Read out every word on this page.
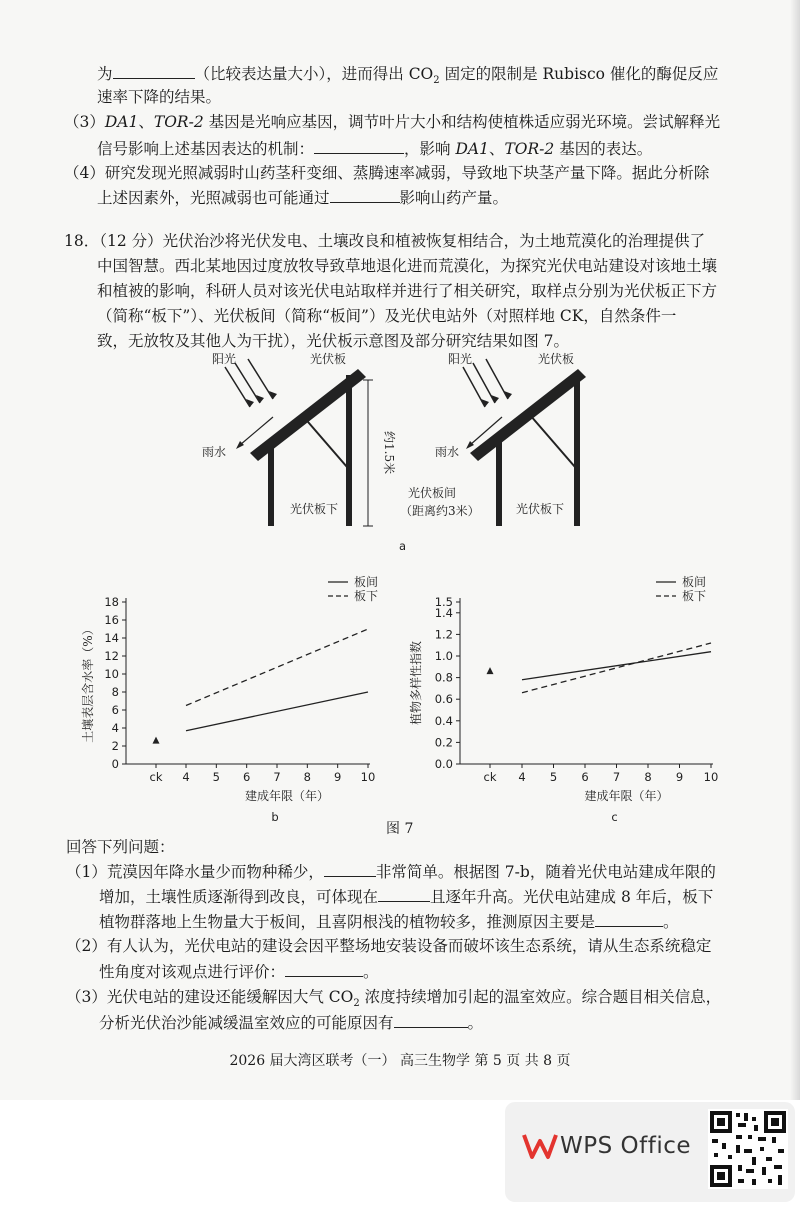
为	（比较表达量大小），进而得出 $CO_2$ 固定的限制是 Rubisco 催化的酶促反应
速率下降的结果。
（3）DA1、TOR-2 基因是光响应基因，调节叶片大小和结构使植株适应弱光环境。尝试解释光
信号影响上述基因表达的机制：	，影响 DA1、TOR-2 基因的表达。
（4）研究发现光照减弱时山药茎秆变细、蒸腾速率减弱，导致地下块茎产量下降。据此分析除
上述因素外，光照减弱也可能通过	影响山药产量。
18．（12 分）光伏治沙将光伏发电、土壤改良和植被恢复相结合，为土地荒漠化的治理提供了
中国智慧。西北某地因过度放牧导致草地退化进而荒漠化，为探究光伏电站建设对该地土壤
和植被的影响，科研人员对该光伏电站取样并进行了相关研究，取样点分别为光伏板正下方
（简称“板下”）、光伏板间（简称“板间”）及光伏电站外（对照样地 CK，自然条件一
致，无放牧及其他人为干扰），光伏板示意图及部分研究结果如图 7。
阳光	光伏板
雨水	约1.5米
光伏板下
阳光	光伏板
雨水
光伏板下
光伏板间
（距离约3米）
a
0
2
4
6
8
10
12
14
16
18
ck 4 5 6 7 8 9 10
板间
板下
建成年限（年）
土壤表层含水率（%）
b
0.0
0.2
0.4
0.6
0.8
1.0
1.2
1.4
1.5
ck 4 5 6 7 8 9 10
板间
板下
建成年限（年）
植物多样性指数
c
图 7
回答下列问题：
（1）荒漠因年降水量少而物种稀少，	非常简单。根据图 7-b，随着光伏电站建成年限的
增加，土壤性质逐渐得到改良，可体现在	且逐年升高。光伏电站建成 8 年后，板下
植物群落地上生物量大于板间，且喜阴根浅的植物较多，推测原因主要是	。
（2）有人认为，光伏电站的建设会因平整场地安装设备而破坏该生态系统，请从生态系统稳定
性角度对该观点进行评价：	。
（3）光伏电站的建设还能缓解因大气 $CO_2$ 浓度持续增加引起的温室效应。综合题目相关信息，
分析光伏治沙能减缓温室效应的可能原因有	。
2026 届大湾区联考（一） 高三生物学 第 5 页 共 8 页
WPS Office
